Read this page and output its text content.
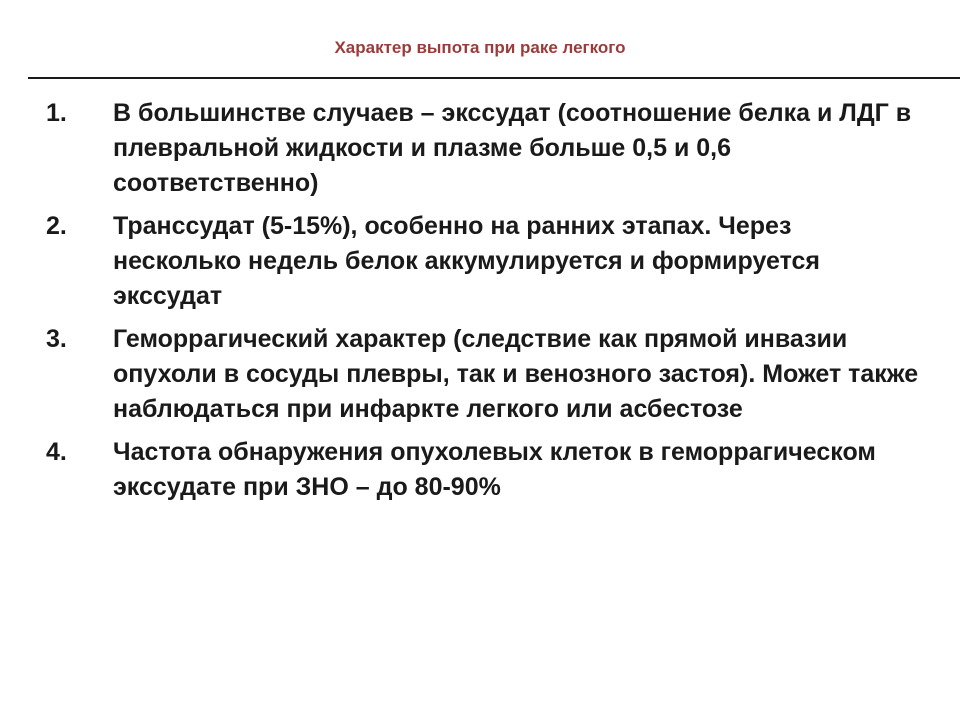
Характер выпота при раке легкого
1. В большинстве случаев – экссудат (соотношение белка и ЛДГ в плевральной жидкости и плазме больше 0,5 и 0,6 соответственно)
2. Транссудат (5-15%), особенно на ранних этапах. Через несколько недель белок аккумулируется и формируется экссудат
3. Геморрагический характер (следствие как прямой инвазии опухоли в сосуды плевры, так и венозного застоя). Может также наблюдаться при инфаркте легкого или асбестозе
4. Частота обнаружения опухолевых клеток в геморрагическом экссудате при ЗНО – до 80-90%
